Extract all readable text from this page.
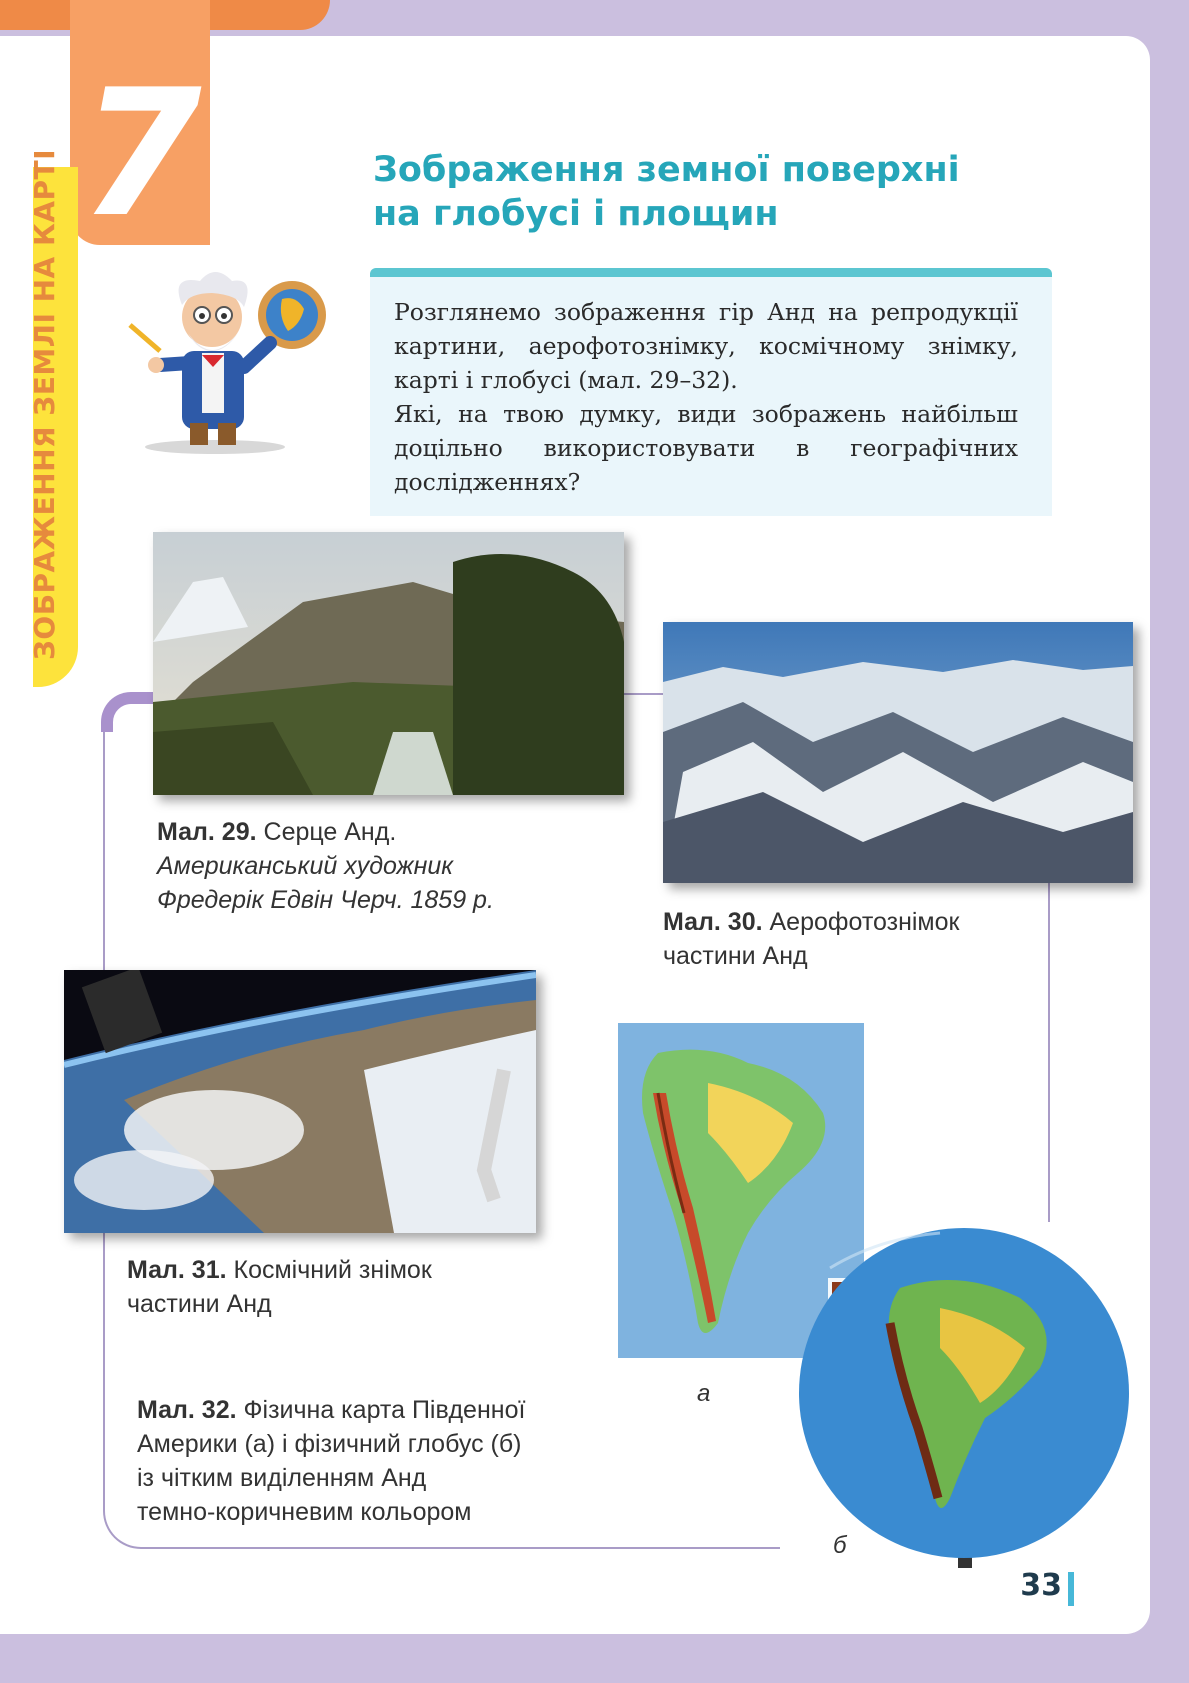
7
ЗОБРАЖЕННЯ ЗЕМЛІ НА КАРТІ	Зображення земної поверхні
на глобусі і площин

Розглянемо зображення гір Анд на репродукції картини, аерофотознімку, космічному знімку, карті і глобусі (мал. 29–32).
Які, на твою думку, види зображень найбільш доцільно використовувати в географічних дослідженнях?

Мал. 29. Серце Анд.
Американський художник
Фредерік Едвін Черч. 1859 р.

Мал. 30. Аерофотознімок
частини Анд

Мал. 31. Космічний знімок
частини Анд

а
б

Мал. 32. Фізична карта Південної
Америки (а) і фізичний глобус (б)
із чітким виділенням Анд
темно-коричневим кольором

33
